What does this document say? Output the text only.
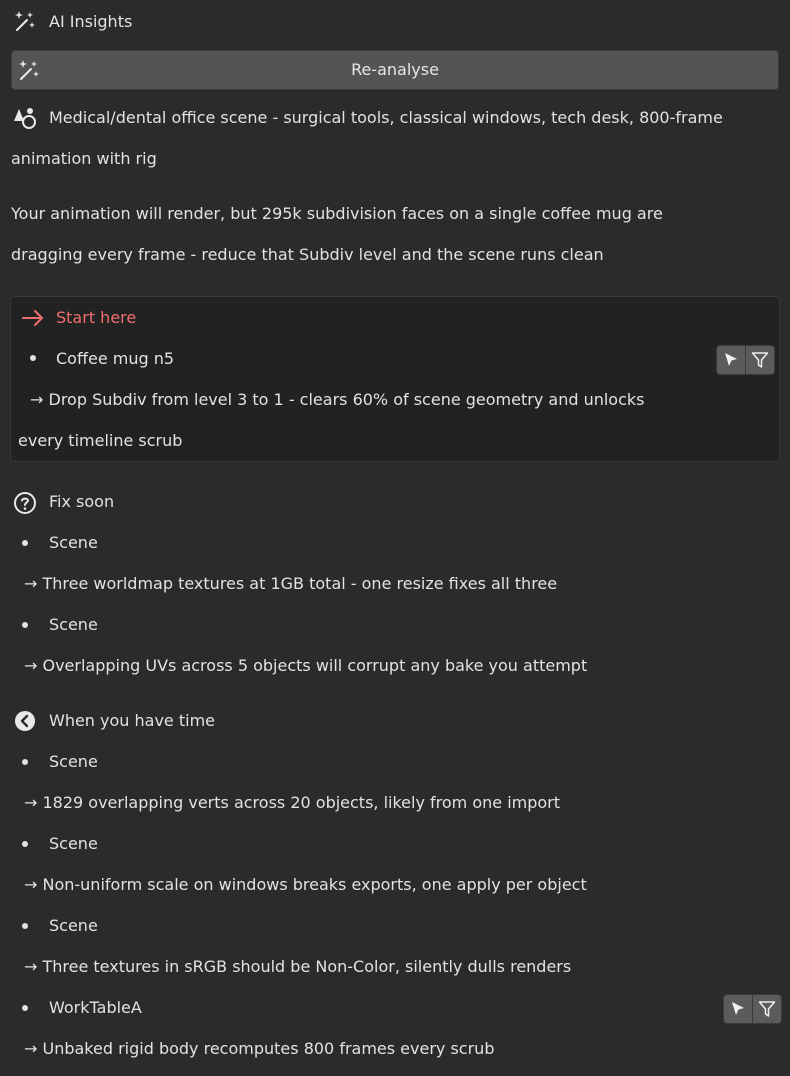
AI Insights
Re-analyse
Medical/dental office scene - surgical tools, classical windows, tech desk, 800-frame
animation with rig
Your animation will render, but 295k subdivision faces on a single coffee mug are
dragging every frame - reduce that Subdiv level and the scene runs clean
Start here
Coffee mug n5
→ Drop Subdiv from level 3 to 1 - clears 60% of scene geometry and unlocks
every timeline scrub
Fix soon
Scene
→ Three worldmap textures at 1GB total - one resize fixes all three
Scene
→ Overlapping UVs across 5 objects will corrupt any bake you attempt
When you have time
Scene
→ 1829 overlapping verts across 20 objects, likely from one import
Scene
→ Non-uniform scale on windows breaks exports, one apply per object
Scene
→ Three textures in sRGB should be Non-Color, silently dulls renders
WorkTableA
→ Unbaked rigid body recomputes 800 frames every scrub
